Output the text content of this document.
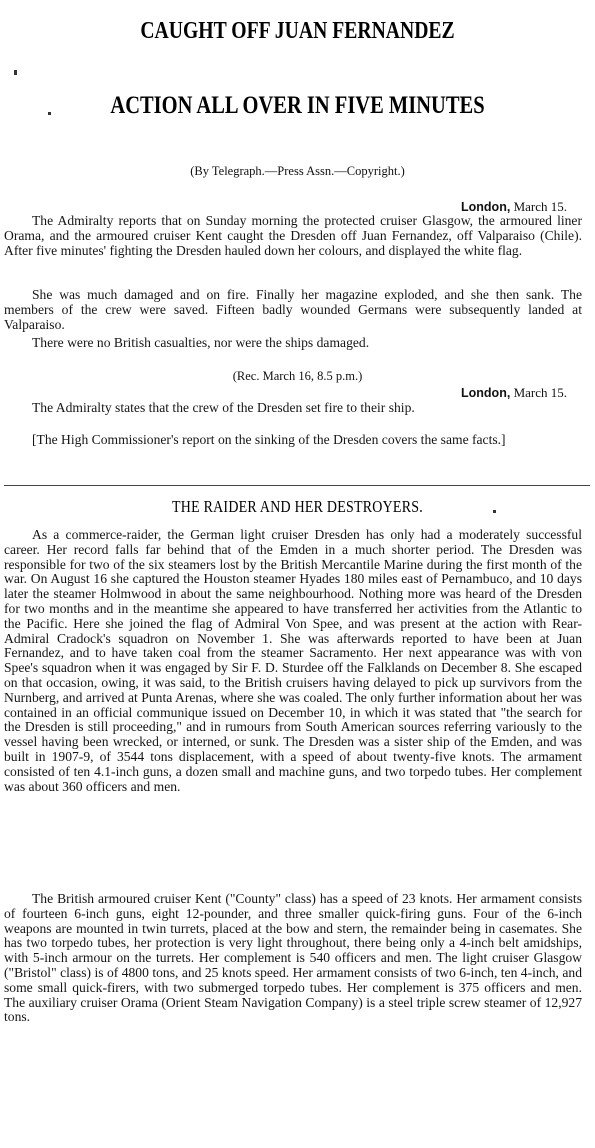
CAUGHT OFF JUAN FERNANDEZ
ACTION ALL OVER IN FIVE MINUTES
(By Telegraph.—Press Assn.—Copyright.)
London, March 15.

The Admiralty reports that on Sunday morning the protected cruiser Glasgow, the armoured liner Orama, and the armoured cruiser Kent caught the Dresden off Juan Fernandez, off Valparaiso (Chile). After five minutes' fighting the Dresden hauled down her colours, and displayed the white flag.

She was much damaged and on fire. Finally her magazine exploded, and she then sank. The members of the crew were saved. Fifteen badly wounded Germans were subsequently landed at Valparaiso.

There were no British casualties, nor were the ships damaged.

(Rec. March 16, 8.5 p.m.)
London, March 15.

The Admiralty states that the crew of the Dresden set fire to their ship.

[The High Commissioner's report on the sinking of the Dresden covers the same facts.]

THE RAIDER AND HER DESTROYERS.

As a commerce-raider, the German light cruiser Dresden has only had a moderately successful career. Her record falls far behind that of the Emden in a much shorter period. The Dresden was responsible for two of the six steamers lost by the British Mercantile Marine during the first month of the war. On August 16 she captured the Houston steamer Hyades 180 miles east of Pernambuco, and 10 days later the steamer Holmwood in about the same neighbourhood. Nothing more was heard of the Dresden for two months and in the meantime she appeared to have transferred her activities from the Atlantic to the Pacific. Here she joined the flag of Admiral Von Spee, and was present at the action with Rear-Admiral Cradock's squadron on November 1. She was afterwards reported to have been at Juan Fernandez, and to have taken coal from the steamer Sacramento. Her next appearance was with von Spee's squadron when it was engaged by Sir F. D. Sturdee off the Falklands on December 8. She escaped on that occasion, owing, it was said, to the British cruisers having delayed to pick up survivors from the Nurnberg, and arrived at Punta Arenas, where she was coaled. The only further information about her was contained in an official communique issued on December 10, in which it was stated that "the search for the Dresden is still proceeding," and in rumours from South American sources referring variously to the vessel having been wrecked, or interned, or sunk. The Dresden was a sister ship of the Emden, and was built in 1907-9, of 3544 tons displacement, with a speed of about twenty-five knots. The armament consisted of ten 4.1-inch guns, a dozen small and machine guns, and two torpedo tubes. Her complement was about 360 officers and men.

The British armoured cruiser Kent ("County" class) has a speed of 23 knots. Her armament consists of fourteen 6-inch guns, eight 12-pounder, and three smaller quick-firing guns. Four of the 6-inch weapons are mounted in twin turrets, placed at the bow and stern, the remainder being in casemates. She has two torpedo tubes, her protection is very light throughout, there being only a 4-inch belt amidships, with 5-inch armour on the turrets. Her complement is 540 officers and men. The light cruiser Glasgow ("Bristol" class) is of 4800 tons, and 25 knots speed. Her armament consists of two 6-inch, ten 4-inch, and some small quick-firers, with two submerged torpedo tubes. Her complement is 375 officers and men. The auxiliary cruiser Orama (Orient Steam Navigation Company) is a steel triple screw steamer of 12,927 tons.
